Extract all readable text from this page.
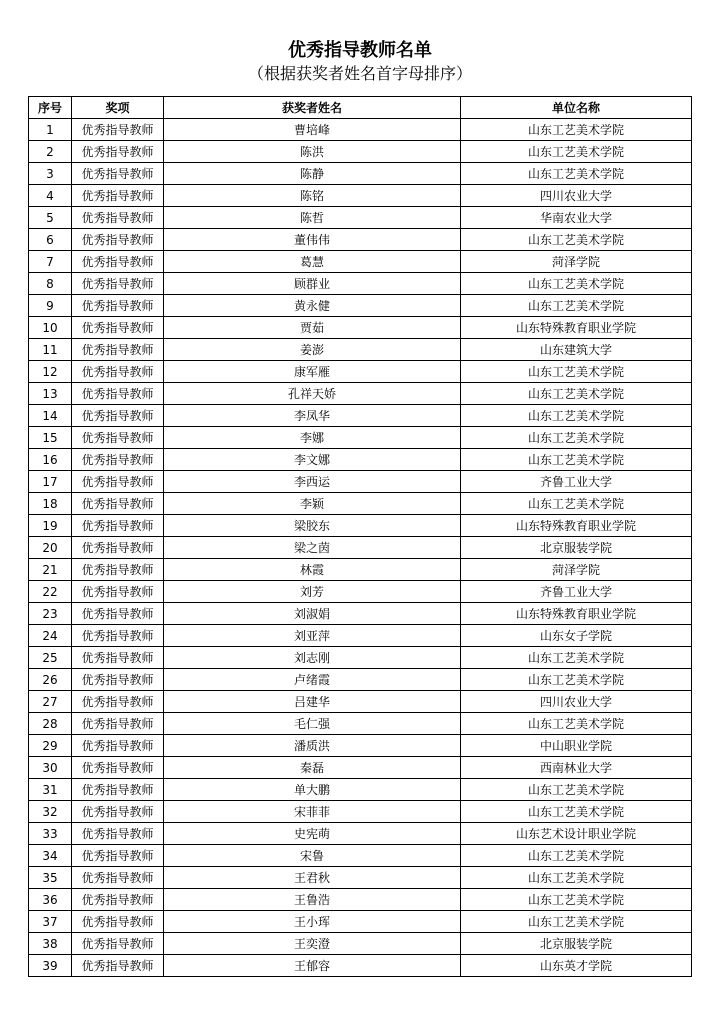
优秀指导教师名单
（根据获奖者姓名首字母排序）
序号	奖项	获奖者姓名	单位名称
1	优秀指导教师	曹培峰	山东工艺美术学院
2	优秀指导教师	陈洪	山东工艺美术学院
3	优秀指导教师	陈静	山东工艺美术学院
4	优秀指导教师	陈铭	四川农业大学
5	优秀指导教师	陈哲	华南农业大学
6	优秀指导教师	董伟伟	山东工艺美术学院
7	优秀指导教师	葛慧	菏泽学院
8	优秀指导教师	顾群业	山东工艺美术学院
9	优秀指导教师	黄永健	山东工艺美术学院
10	优秀指导教师	贾茹	山东特殊教育职业学院
11	优秀指导教师	姜澎	山东建筑大学
12	优秀指导教师	康军雁	山东工艺美术学院
13	优秀指导教师	孔祥天娇	山东工艺美术学院
14	优秀指导教师	李凤华	山东工艺美术学院
15	优秀指导教师	李娜	山东工艺美术学院
16	优秀指导教师	李文娜	山东工艺美术学院
17	优秀指导教师	李西运	齐鲁工业大学
18	优秀指导教师	李颖	山东工艺美术学院
19	优秀指导教师	梁胶东	山东特殊教育职业学院
20	优秀指导教师	梁之茵	北京服装学院
21	优秀指导教师	林霞	菏泽学院
22	优秀指导教师	刘芳	齐鲁工业大学
23	优秀指导教师	刘淑娟	山东特殊教育职业学院
24	优秀指导教师	刘亚萍	山东女子学院
25	优秀指导教师	刘志刚	山东工艺美术学院
26	优秀指导教师	卢绪霞	山东工艺美术学院
27	优秀指导教师	吕建华	四川农业大学
28	优秀指导教师	毛仁强	山东工艺美术学院
29	优秀指导教师	潘质洪	中山职业学院
30	优秀指导教师	秦磊	西南林业大学
31	优秀指导教师	单大鹏	山东工艺美术学院
32	优秀指导教师	宋菲菲	山东工艺美术学院
33	优秀指导教师	史宪萌	山东艺术设计职业学院
34	优秀指导教师	宋鲁	山东工艺美术学院
35	优秀指导教师	王君秋	山东工艺美术学院
36	优秀指导教师	王鲁浩	山东工艺美术学院
37	优秀指导教师	王小珲	山东工艺美术学院
38	优秀指导教师	王奕澄	北京服装学院
39	优秀指导教师	王郁容	山东英才学院
